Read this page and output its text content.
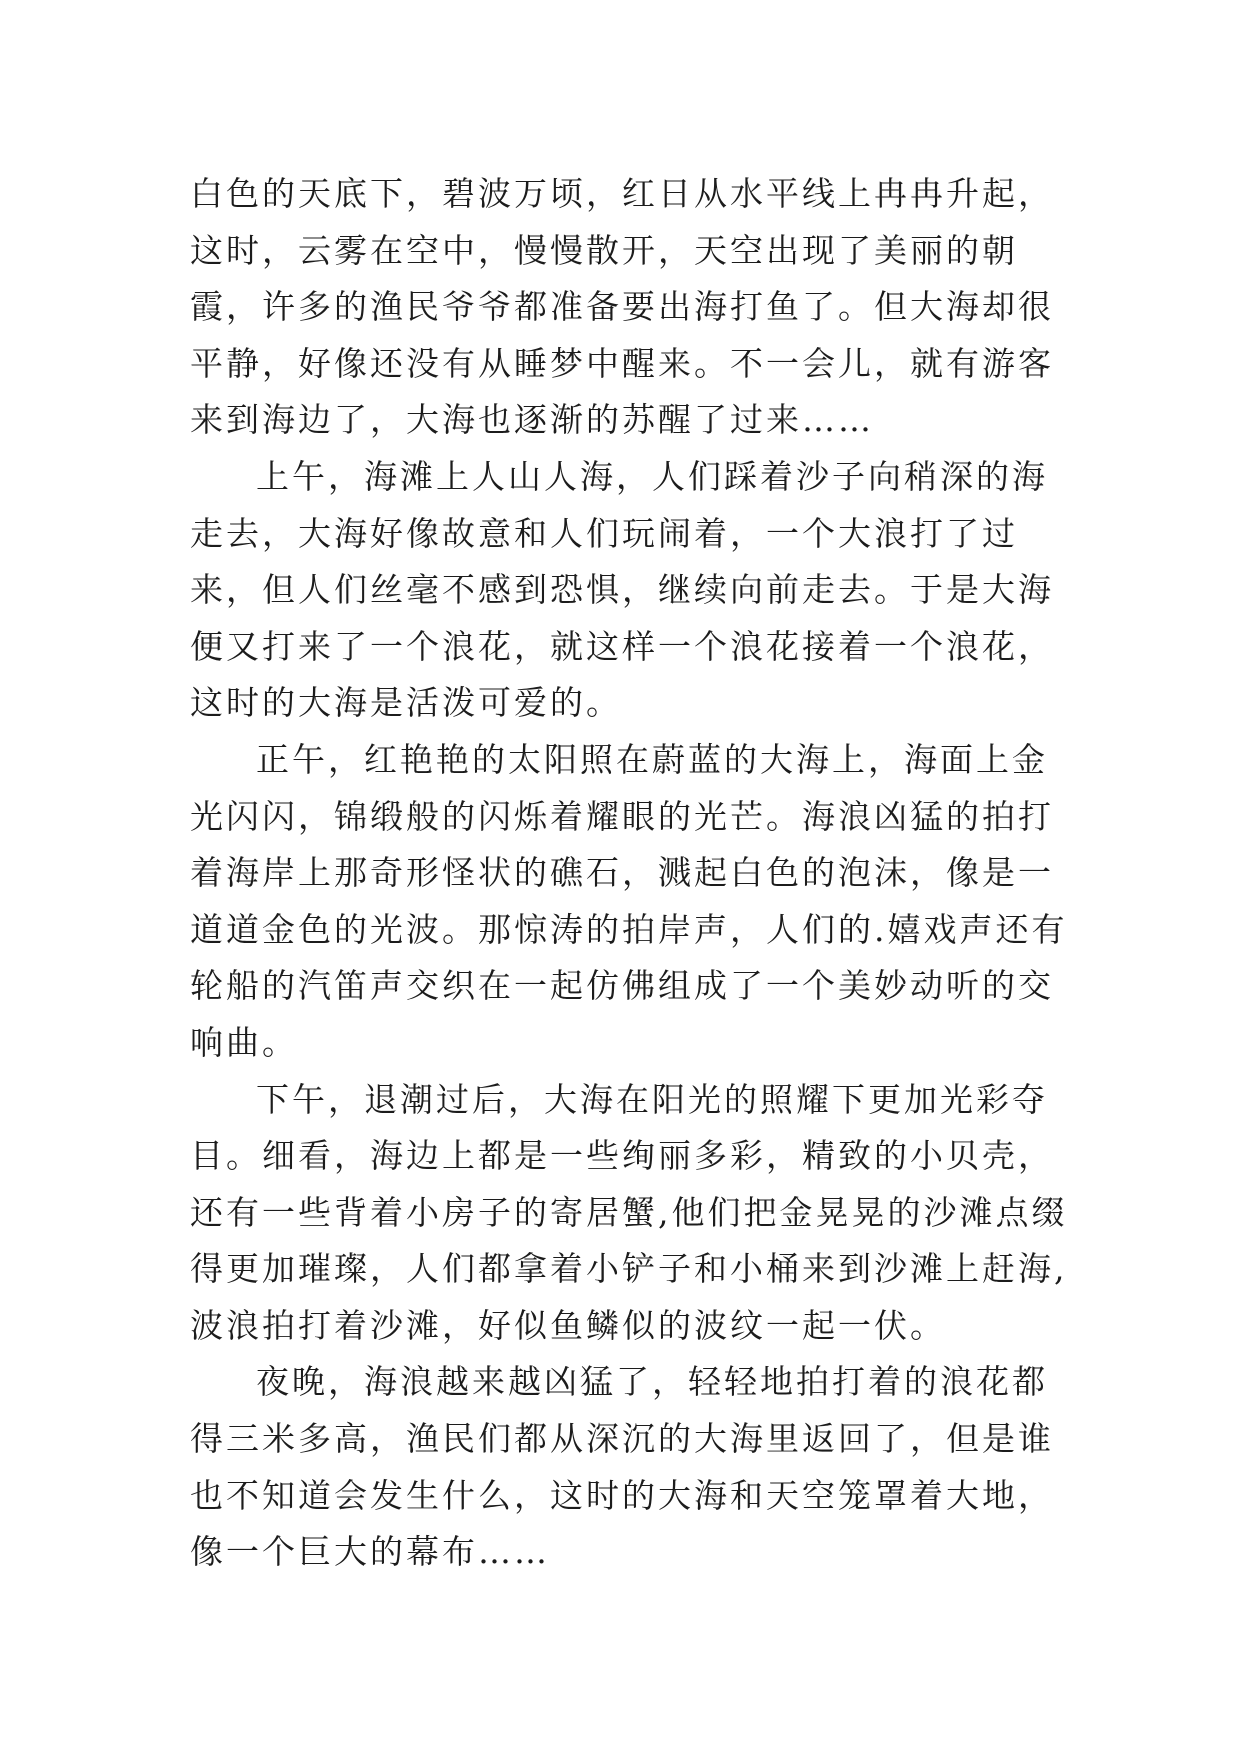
白色的天底下，碧波万顷，红日从水平线上冉冉升起，这时，云雾在空中，慢慢散开，天空出现了美丽的朝霞，许多的渔民爷爷都准备要出海打鱼了。但大海却很平静，好像还没有从睡梦中醒来。不一会儿，就有游客来到海边了，大海也逐渐的苏醒了过来……

上午，海滩上人山人海，人们踩着沙子向稍深的海走去，大海好像故意和人们玩闹着，一个大浪打了过来，但人们丝毫不感到恐惧，继续向前走去。于是大海便又打来了一个浪花，就这样一个浪花接着一个浪花，这时的大海是活泼可爱的。

正午，红艳艳的太阳照在蔚蓝的大海上，海面上金光闪闪，锦缎般的闪烁着耀眼的光芒。海浪凶猛的拍打着海岸上那奇形怪状的礁石，溅起白色的泡沫，像是一道道金色的光波。那惊涛的拍岸声，人们的.嬉戏声还有轮船的汽笛声交织在一起仿佛组成了一个美妙动听的交响曲。

下午，退潮过后，大海在阳光的照耀下更加光彩夺目。细看，海边上都是一些绚丽多彩，精致的小贝壳，还有一些背着小房子的寄居蟹,他们把金晃晃的沙滩点缀得更加璀璨，人们都拿着小铲子和小桶来到沙滩上赶海,波浪拍打着沙滩，好似鱼鳞似的波纹一起一伏。

夜晚，海浪越来越凶猛了，轻轻地拍打着的浪花都得三米多高，渔民们都从深沉的大海里返回了，但是谁也不知道会发生什么，这时的大海和天空笼罩着大地，像一个巨大的幕布……
